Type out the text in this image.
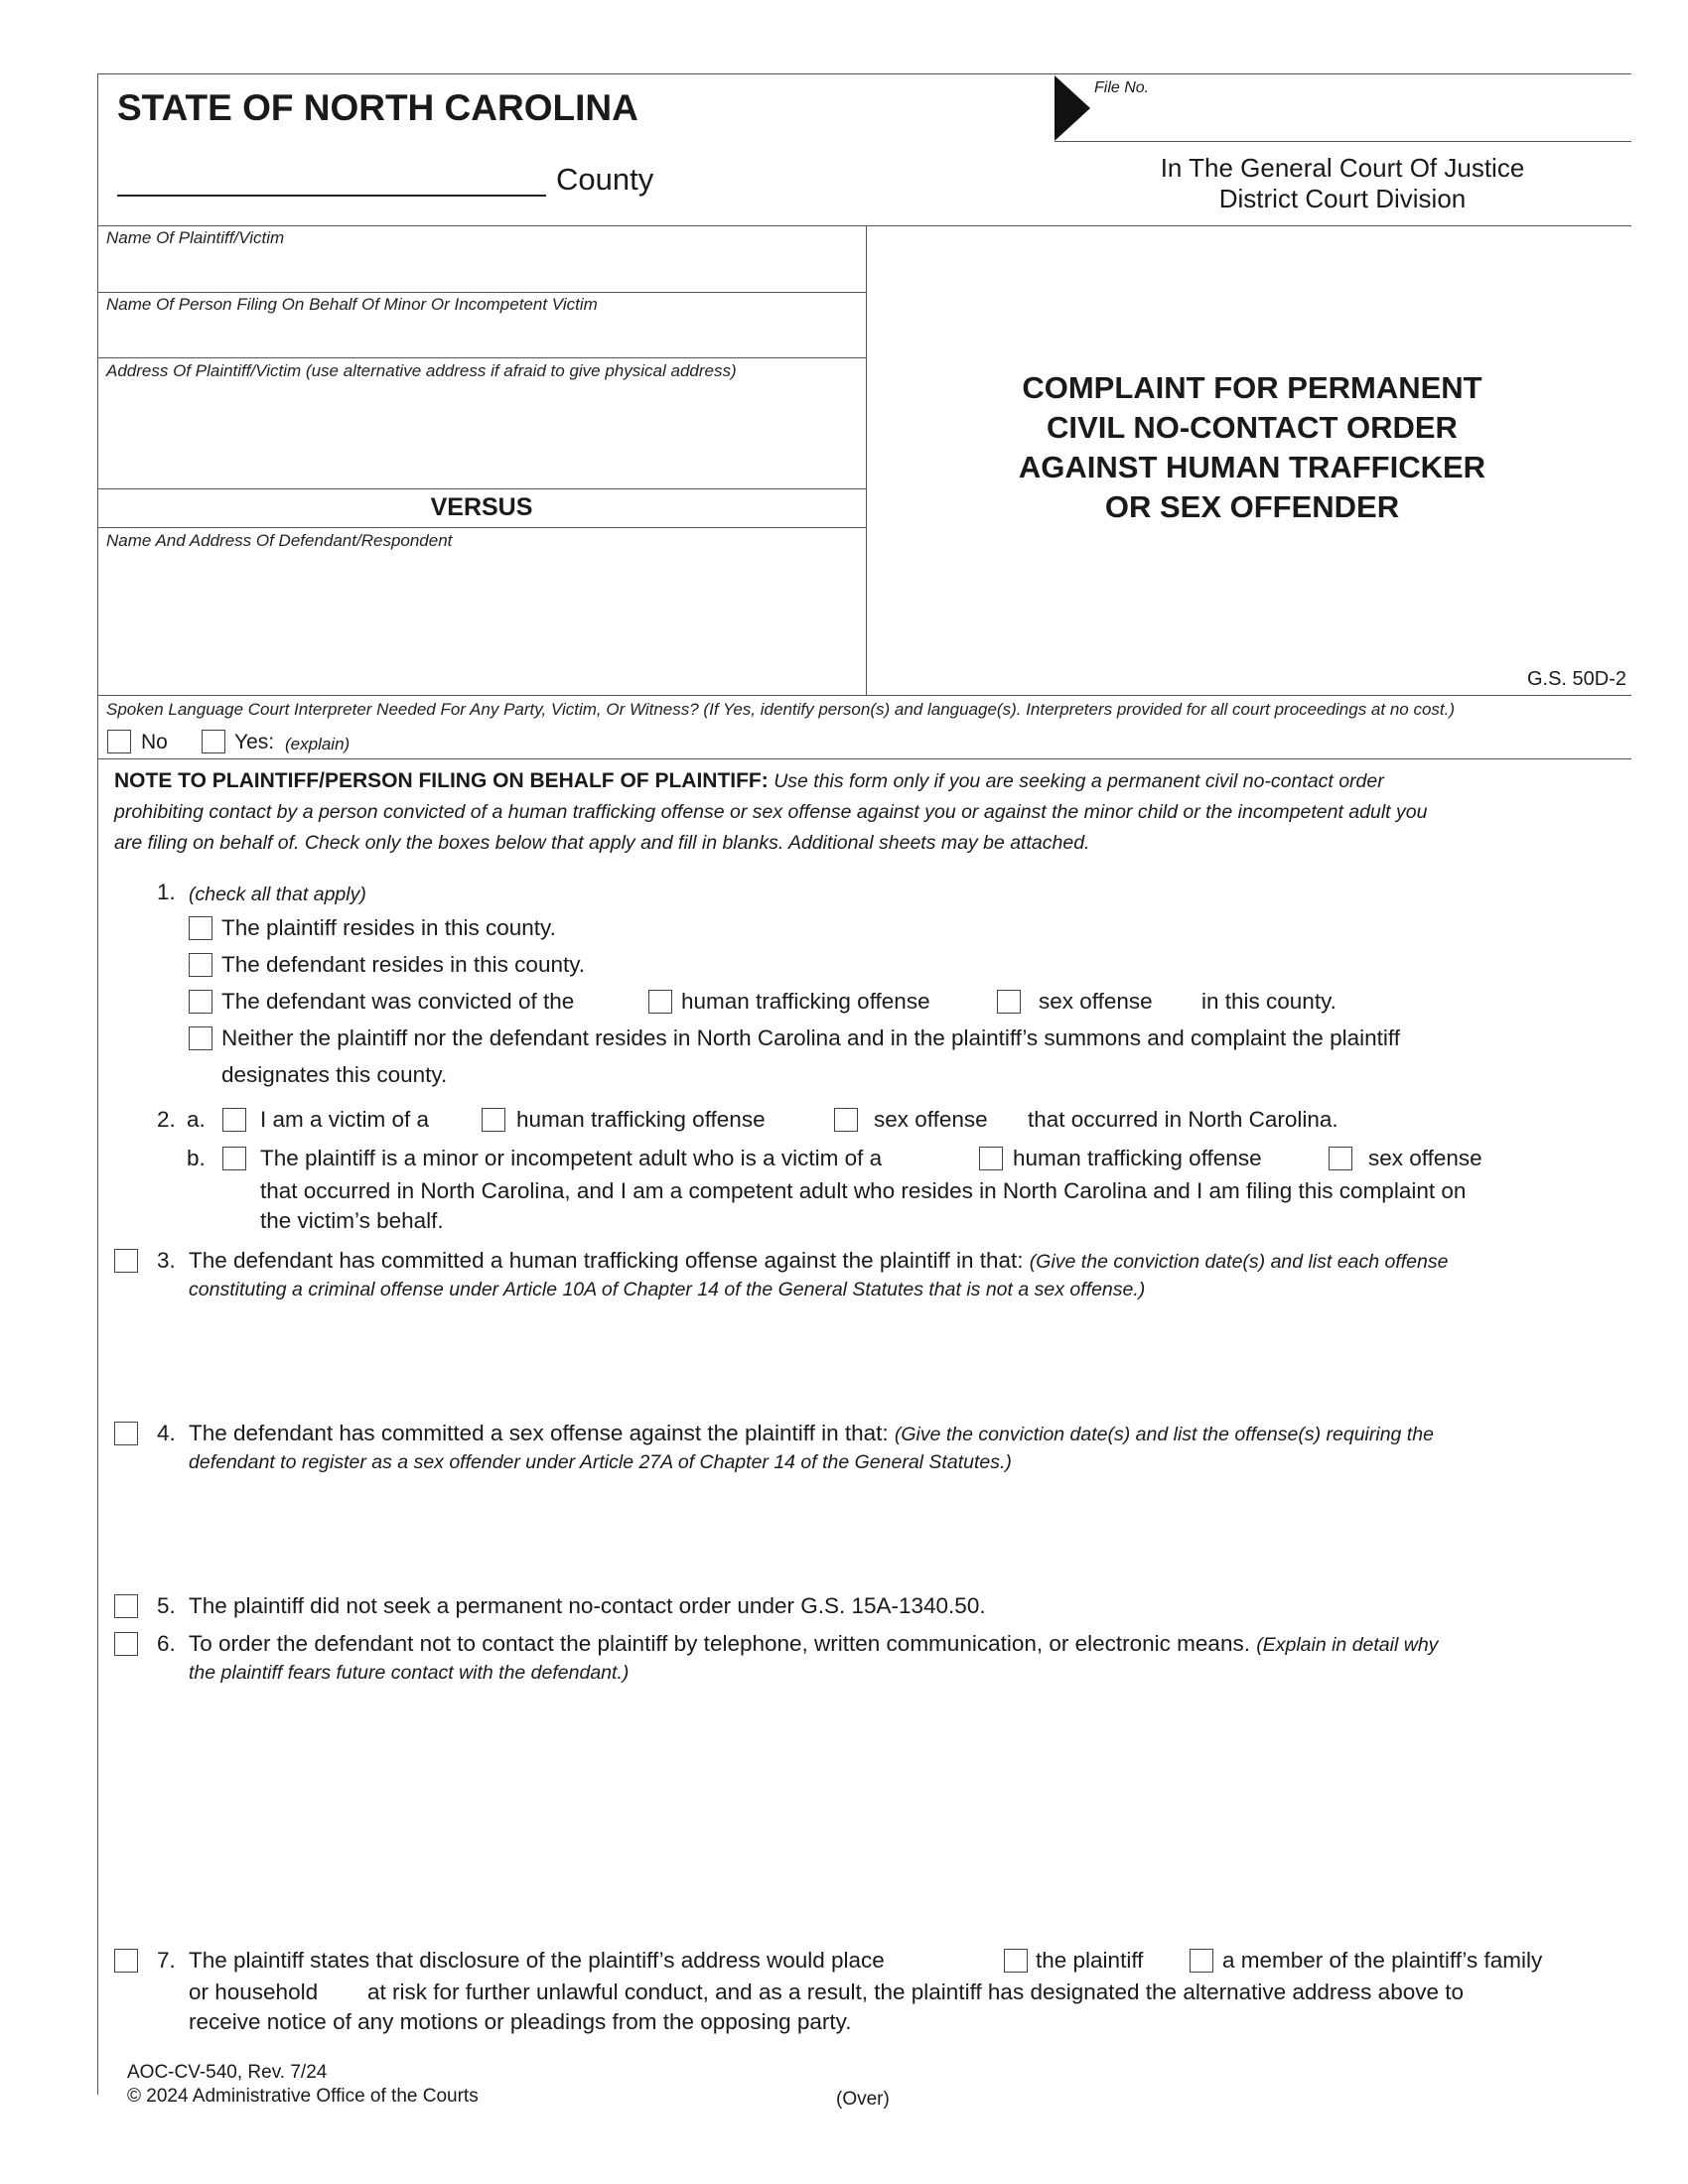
STATE OF NORTH CAROLINA
County
File No.
In The General Court Of Justice
District Court Division
Name Of Plaintiff/Victim
Name Of Person Filing On Behalf Of Minor Or Incompetent Victim
Address Of Plaintiff/Victim (use alternative address if afraid to give physical address)
VERSUS
Name And Address Of Defendant/Respondent
COMPLAINT FOR PERMANENT
CIVIL NO-CONTACT ORDER
AGAINST HUMAN TRAFFICKER
OR SEX OFFENDER
G.S. 50D-2
Spoken Language Court Interpreter Needed For Any Party, Victim, Or Witness? (If Yes, identify person(s) and language(s). Interpreters provided for all court proceedings at no cost.)
No	Yes: (explain)
NOTE TO PLAINTIFF/PERSON FILING ON BEHALF OF PLAINTIFF: Use this form only if you are seeking a permanent civil no-contact order
prohibiting contact by a person convicted of a human trafficking offense or sex offense against you or against the minor child or the incompetent adult you
are filing on behalf of. Check only the boxes below that apply and fill in blanks. Additional sheets may be attached.
1. (check all that apply)
The plaintiff resides in this county.
The defendant resides in this county.
The defendant was convicted of the	human trafficking offense	sex offense in this county.
Neither the plaintiff nor the defendant resides in North Carolina and in the plaintiff’s summons and complaint the plaintiff
designates this county.
2. a. I am a victim of a	human trafficking offense	sex offense that occurred in North Carolina.
b. The plaintiff is a minor or incompetent adult who is a victim of a	human trafficking offense	sex offense
that occurred in North Carolina, and I am a competent adult who resides in North Carolina and I am filing this complaint on
the victim’s behalf.
3. The defendant has committed a human trafficking offense against the plaintiff in that: (Give the conviction date(s) and list each offense
constituting a criminal offense under Article 10A of Chapter 14 of the General Statutes that is not a sex offense.)
4. The defendant has committed a sex offense against the plaintiff in that: (Give the conviction date(s) and list the offense(s) requiring the
defendant to register as a sex offender under Article 27A of Chapter 14 of the General Statutes.)
5. The plaintiff did not seek a permanent no-contact order under G.S. 15A-1340.50.
6. To order the defendant not to contact the plaintiff by telephone, written communication, or electronic means. (Explain in detail why
the plaintiff fears future contact with the defendant.)
7. The plaintiff states that disclosure of the plaintiff’s address would place	the plaintiff	a member of the plaintiff’s family
or household at risk for further unlawful conduct, and as a result, the plaintiff has designated the alternative address above to
receive notice of any motions or pleadings from the opposing party.
AOC-CV-540, Rev. 7/24
© 2024 Administrative Office of the Courts	(Over)
